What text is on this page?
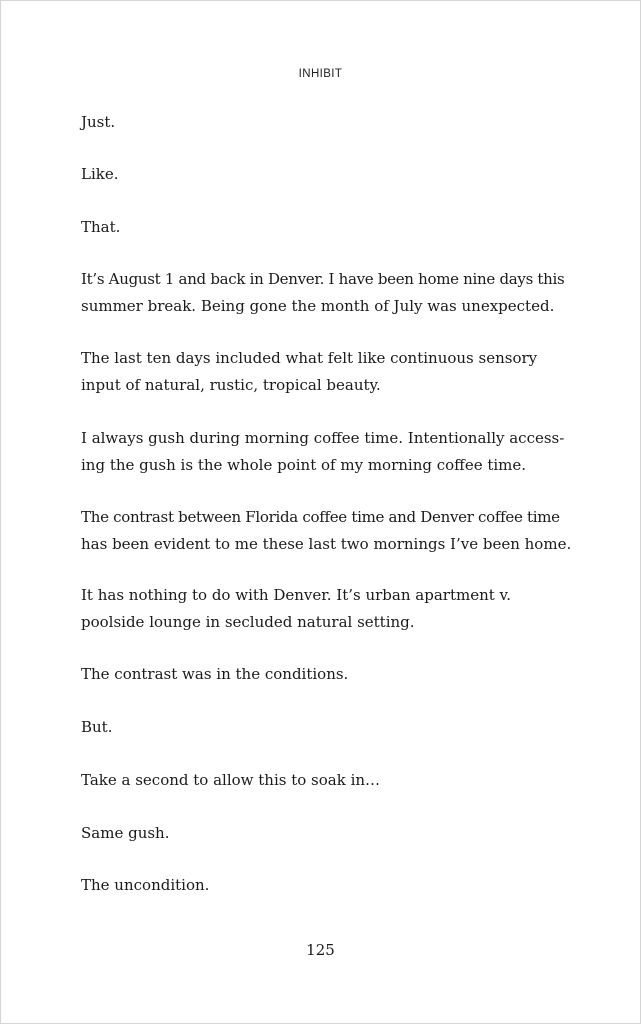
INHIBIT

Just.

Like.

That.

It’s August 1 and back in Denver. I have been home nine days this
summer break. Being gone the month of July was unexpected.

The last ten days included what felt like continuous sensory
input of natural, rustic, tropical beauty.

I always gush during morning coffee time. Intentionally access-
ing the gush is the whole point of my morning coffee time.

The contrast between Florida coffee time and Denver coffee time
has been evident to me these last two mornings I’ve been home.

It has nothing to do with Denver. It’s urban apartment v.
poolside lounge in secluded natural setting.

The contrast was in the conditions.

But.

Take a second to allow this to soak in…

Same gush.

The uncondition.

125
